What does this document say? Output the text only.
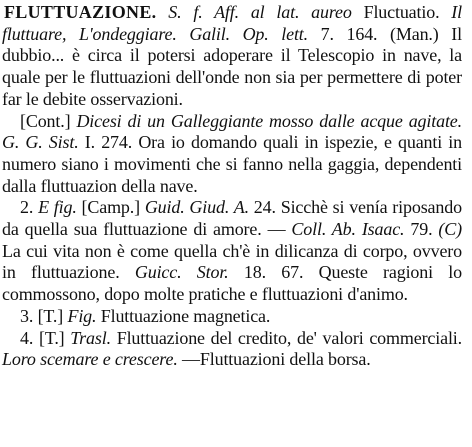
FLUTTUAZIONE. S. f. Aff. al lat. aureo Fluctuatio. Il fluttuare, L'ondeggiare. Galil. Op. lett. 7. 164. (Man.) Il dubbio... è circa il potersi adoperare il Telescopio in nave, la quale per le fluttuazioni dell'onde non sia per permettere di poter far le debite osservazioni.

[Cont.] Dicesi di un Galleggiante mosso dalle acque agitate. G. G. Sist. I. 274. Ora io domando quali in ispezie, e quanti in numero siano i movimenti che si fanno nella gaggia, dependenti dalla fluttuazion della nave.

2. E fig. [Camp.] Guid. Giud. A. 24. Sicchè si venía riposando da quella sua fluttuazione di amore. — Coll. Ab. Isaac. 79. (C) La cui vita non è come quella ch'è in dilicanza di corpo, ovvero in fluttuazione. Guicc. Stor. 18. 67. Queste ragioni lo commossono, dopo molte pratiche e fluttuazioni d'animo.

3. [T.] Fig. Fluttuazione magnetica.

4. [T.] Trasl. Fluttuazione del credito, de' valori commerciali. Loro scemare e crescere. —Fluttuazioni della borsa.
